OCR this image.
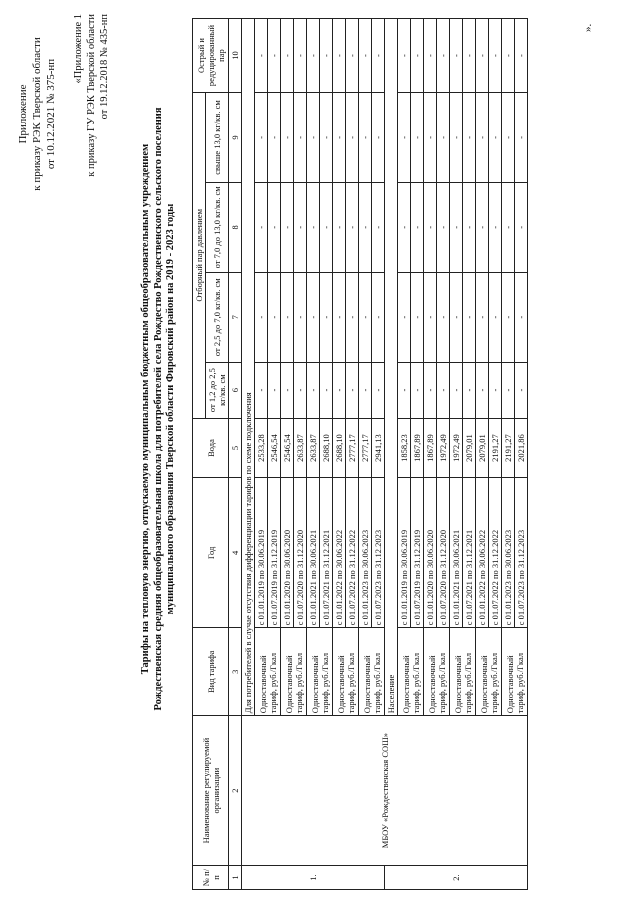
Приложение к приказу РЭК Тверской области от 10.12.2021 № 375-нп
«Приложение 1 к приказу ГУ РЭК Тверской области от 19.12.2018 № 435-нп
Тарифы на тепловую энергию, отпускаемую муниципальным бюджетным общеобразовательным учреждением Рождественская средняя общеобразовательная школа для потребителей села Рождество Рождественского сельского поселения муниципального образования Тверской области Фировский район на 2019 - 2023 годы
№ п/ п	Наименование регулируемой организации	Вид тарифа	Год	Вода	Отборный пар давлением				Острый и редуцированный пар
					от 1,2 до 2,5 кг/кв. см	от 2,5 до 7,0 кг/кв. см	от 7,0 до 13,0 кг/кв. см	свыше 13,0 кг/кв. см	

1	2	3	4	5	6	7	8	9	10
1.	МБОУ «Рождественская СОШ»	Для потребителей в случае отсутствия дифференциации тарифов по схеме подключения							
		Одноставочный тариф, руб./Гкал	с 01.01.2019 по 30.06.2019	2533,28	-	-	-	-	-
			с 01.07.2019 по 31.12.2019	2546,54	-	-	-	-	-
		Одноставочный тариф, руб./Гкал	с 01.01.2020 по 30.06.2020	2546,54	-	-	-	-	-
			с 01.07.2020 по 31.12.2020	2633,87	-	-	-	-	-
		Одноставочный тариф, руб./Гкал	с 01.01.2021 по 30.06.2021	2633,87	-	-	-	-	-
			с 01.07.2021 по 31.12.2021	2688,10	-	-	-	-	-
		Одноставочный тариф, руб./Гкал	с 01.01.2022 по 30.06.2022	2688,10	-	-	-	-	-
			с 01.07.2022 по 31.12.2022	2777,17	-	-	-	-	-
		Одноставочный тариф, руб./Гкал	с 01.01.2023 по 30.06.2023	2777,17	-	-	-	-	-
			с 01.07.2023 по 31.12.2023	2941,13	-	-	-	-	-
2.		Население							
		Одноставочный тариф, руб./Гкал	с 01.01.2019 по 30.06.2019	1858,23	-	-	-	-	-
			с 01.07.2019 по 31.12.2019	1867,89	-	-	-	-	-
		Одноставочный тариф, руб./Гкал	с 01.01.2020 по 30.06.2020	1867,89	-	-	-	-	-
			с 01.07.2020 по 31.12.2020	1972,49	-	-	-	-	-
		Одноставочный тариф, руб./Гкал	с 01.01.2021 по 30.06.2021	1972,49	-	-	-	-	-
			с 01.07.2021 по 31.12.2021	2079,01	-	-	-	-	-
		Одноставочный тариф, руб./Гкал	с 01.01.2022 по 30.06.2022	2079,01	-	-	-	-	-
			с 01.07.2022 по 31.12.2022	2191,27	-	-	-	-	-
		Одноставочный тариф, руб./Гкал	с 01.01.2023 по 30.06.2023	2191,27	-	-	-	-	-
			с 01.07.2023 по 31.12.2023	2021,86	-	-	-	-	-
».
